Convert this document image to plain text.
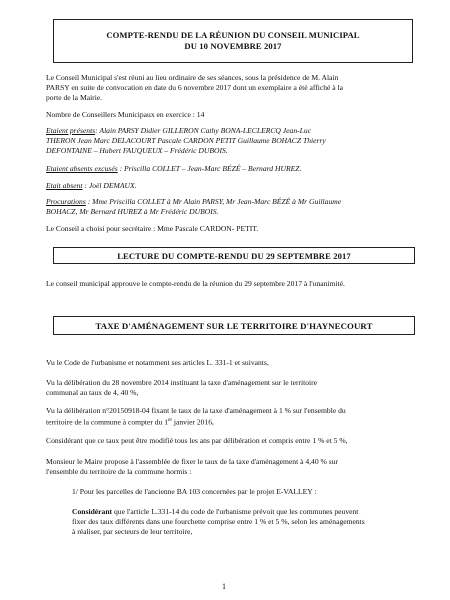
COMPTE-RENDU DE LA RÉUNION DU CONSEIL MUNICIPAL
DU 10 NOVEMBRE 2017
Le Conseil Municipal s'est réuni au lieu ordinaire de ses séances, sous la présidence de M. Alain
PARSY en suite de convocation en date du 6 novembre 2017 dont un exemplaire a été affiché à la
porte de la Mairie.
Nombre de Conseillers Municipaux en exercice : 14
Etaient présents: Alain PARSY Didier GILLERON Cathy BONA-LECLERCQ Jean-Luc
THERON Jean Marc DELACOURT Pascale CARDON PETIT Guillaume BOHACZ Thierry
DEFONTAINE – Hubert FAUQUEUX – Frédéric DUBOIS.
Etaient absents excusés : Priscilla COLLET – Jean-Marc BÉZÉ – Bernard HUREZ.
Etait absent : Joël DEMAUX.
Procurations : Mme Priscilla COLLET à Mr Alain PARSY, Mr Jean-Marc BÉZÉ à Mr Guillaume
BOHACZ, Mr Bernard HUREZ à Mr Frédéric DUBOIS.
Le Conseil a choisi pour secrétaire : Mme Pascale CARDON- PETIT.
LECTURE DU COMPTE-RENDU DU 29 SEPTEMBRE 2017
Le conseil municipal approuve le compte-rendu de la réunion du 29 septembre 2017 à l'unanimité.
TAXE D'AMÉNAGEMENT SUR LE TERRITOIRE D'HAYNECOURT
Vu le Code de l'urbanisme et notamment ses articles L. 331-1 et suivants,
Vu la délibération du 28 novembre 2014 instituant la taxe d'aménagement sur le territoire
communal au taux de 4, 40 %,
Vu la délibération n°20150918-04 fixant le taux de la taxe d'aménagement à 1 % sur l'ensemble du
territoire de la commune à compter du 1er janvier 2016,
Considérant que ce taux peut être modifié tous les ans par délibération et compris entre 1 % et 5 %,
Monsieur le Maire propose à l'assemblée de fixer le taux de la taxe d'aménagement à 4,40 % sur
l'ensemble du territoire de la commune hormis :
1/ Pour les parcelles de l'ancienne BA 103 concernées par le projet E-VALLEY :
Considérant que l'article L.331-14 du code de l'urbanisme prévoit que les communes peuvent
fixer des taux différents dans une fourchette comprise entre 1 % et 5 %, selon les aménagements
à réaliser, par secteurs de leur territoire,
1
